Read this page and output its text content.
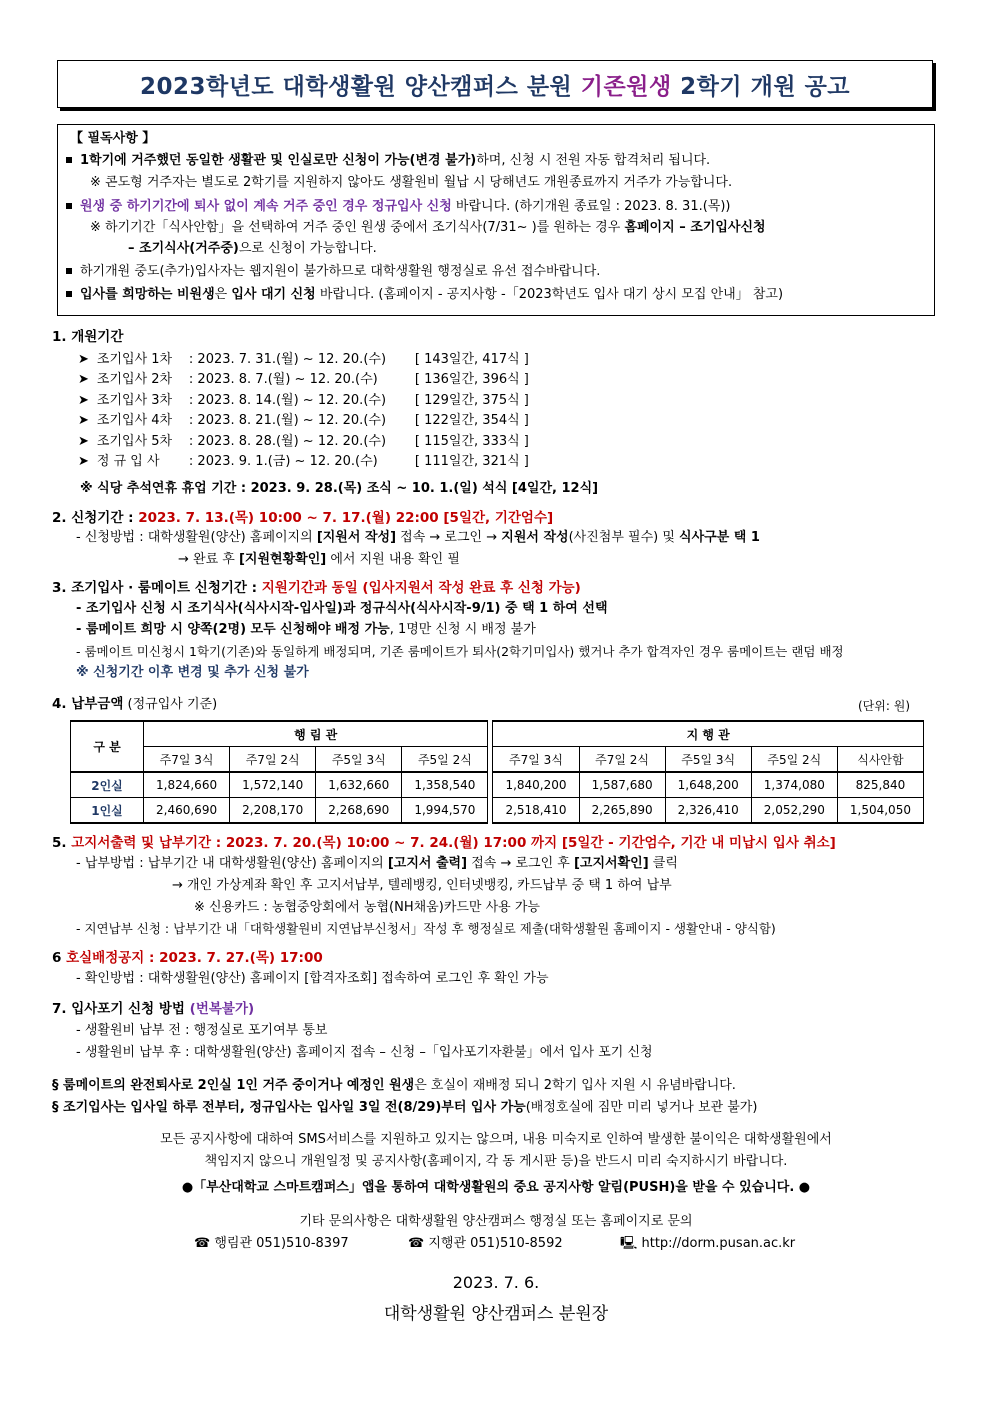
2023학년도 대학생활원 양산캠퍼스 분원 기존원생 2학기 개원 공고
【 필독사항 】
1학기에 거주했던 동일한 생활관 및 인실로만 신청이 가능(변경 불가)하며, 신청 시 전원 자동 합격처리 됩니다.
※ 콘도형 거주자는 별도로 2학기를 지원하지 않아도 생활원비 월납 시 당해년도 개원종료까지 거주가 가능합니다.
원생 중 하기기간에 퇴사 없이 계속 거주 중인 경우 정규입사 신청 바랍니다. (하기개원 종료일 : 2023. 8. 31.(목))
※ 하기기간「식사안함」을 선택하여 거주 중인 원생 중에서 조기식사(7/31~ )를 원하는 경우 홈페이지 – 조기입사신청
– 조기식사(거주중)으로 신청이 가능합니다.
하기개원 중도(추가)입사자는 웹지원이 불가하므로 대학생활원 행정실로 유선 접수바랍니다.
입사를 희망하는 비원생은 입사 대기 신청 바랍니다. (홈페이지 - 공지사항 -「2023학년도 입사 대기 상시 모집 안내」 참고)
1. 개원기간
➤ 조기입사 1차 : 2023. 7. 31.(월) ~ 12. 20.(수) [ 143일간, 417식 ]
➤ 조기입사 2차 : 2023. 8. 7.(월) ~ 12. 20.(수)	[ 136일간, 396식 ]
➤ 조기입사 3차 : 2023. 8. 14.(월) ~ 12. 20.(수) [ 129일간, 375식 ]
➤ 조기입사 4차 : 2023. 8. 21.(월) ~ 12. 20.(수) [ 122일간, 354식 ]
➤ 조기입사 5차 : 2023. 8. 28.(월) ~ 12. 20.(수) [ 115일간, 333식 ]
➤ 정 규 입 사 : 2023. 9. 1.(금) ~ 12. 20.(수)	[ 111일간, 321식 ]
※ 식당 추석연휴 휴업 기간 : 2023. 9. 28.(목) 조식 ~ 10. 1.(일) 석식 [4일간, 12식]
2. 신청기간 : 2023. 7. 13.(목) 10:00 ~ 7. 17.(월) 22:00 [5일간, 기간엄수]
- 신청방법 : 대학생활원(양산) 홈페이지의 [지원서 작성] 접속 → 로그인 → 지원서 작성(사진첨부 필수) 및 식사구분 택 1
→ 완료 후 [지원현황확인] 에서 지원 내용 확인 필
3. 조기입사 · 룸메이트 신청기간 : 지원기간과 동일 (입사지원서 작성 완료 후 신청 가능)
- 조기입사 신청 시 조기식사(식사시작-입사일)과 정규식사(식사시작-9/1) 중 택 1 하여 선택
- 룸메이트 희망 시 양쪽(2명) 모두 신청해야 배정 가능, 1명만 신청 시 배정 불가
- 룸메이트 미신청시 1학기(기존)와 동일하게 배정되며, 기존 룸메이트가 퇴사(2학기미입사) 했거나 추가 합격자인 경우 룸메이트는 랜덤 배정
※ 신청기간 이후 변경 및 추가 신청 불가
4. 납부금액 (정규입사 기준)	(단위: 원)
구 분	행 림 관					지 행 관				
	주7일 3식	주7일 2식	주5일 3식	주5일 2식		주7일 3식	주7일 2식	주5일 3식	주5일 2식	식사안함
2인실	1,824,660	1,572,140	1,632,660	1,358,540		1,840,200	1,587,680	1,648,200	1,374,080	825,840
1인실	2,460,690	2,208,170	2,268,690	1,994,570		2,518,410	2,265,890	2,326,410	2,052,290	1,504,050
5. 고지서출력 및 납부기간 : 2023. 7. 20.(목) 10:00 ~ 7. 24.(월) 17:00 까지 [5일간 - 기간엄수, 기간 내 미납시 입사 취소]
- 납부방법 : 납부기간 내 대학생활원(양산) 홈페이지의 [고지서 출력] 접속 → 로그인 후 [고지서확인] 클릭
→ 개인 가상계좌 확인 후 고지서납부, 텔레뱅킹, 인터넷뱅킹, 카드납부 중 택 1 하여 납부
※ 신용카드 : 농협중앙회에서 농협(NH채움)카드만 사용 가능
- 지연납부 신청 : 납부기간 내「대학생활원비 지연납부신청서」작성 후 행정실로 제출(대학생활원 홈페이지 - 생활안내 - 양식함)
6 호실배정공지 : 2023. 7. 27.(목) 17:00
- 확인방법 : 대학생활원(양산) 홈페이지 [합격자조회] 접속하여 로그인 후 확인 가능
7. 입사포기 신청 방법 (번복불가)
- 생활원비 납부 전 : 행정실로 포기여부 통보
- 생활원비 납부 후 : 대학생활원(양산) 홈페이지 접속 – 신청 –「입사포기자환불」에서 입사 포기 신청
§ 룸메이트의 완전퇴사로 2인실 1인 거주 중이거나 예정인 원생은 호실이 재배정 되니 2학기 입사 지원 시 유념바랍니다.
§ 조기입사는 입사일 하루 전부터, 정규입사는 입사일 3일 전(8/29)부터 입사 가능(배정호실에 짐만 미리 넣거나 보관 불가)
모든 공지사항에 대하여 SMS서비스를 지원하고 있지는 않으며, 내용 미숙지로 인하여 발생한 불이익은 대학생활원에서
책임지지 않으니 개원일정 및 공지사항(홈페이지, 각 동 게시판 등)을 반드시 미리 숙지하시기 바랍니다.
●「부산대학교 스마트캠퍼스」앱을 통하여 대학생활원의 중요 공지사항 알림(PUSH)을 받을 수 있습니다. ●
기타 문의사항은 대학생활원 양산캠퍼스 행정실 또는 홈페이지로 문의
☎ 행림관 051)510-8397	☎ 지행관 051)510-8592	🖳 http://dorm.pusan.ac.kr
2023. 7. 6.
대학생활원 양산캠퍼스 분원장
